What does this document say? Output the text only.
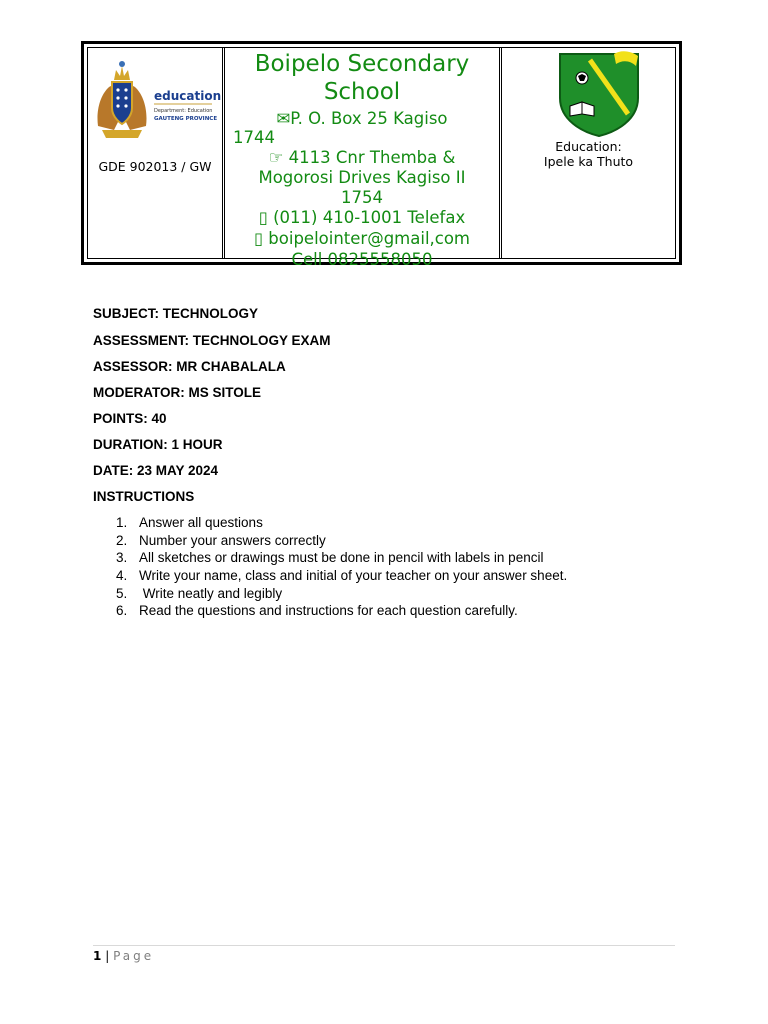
education
Department: Education
GAUTENG PROVINCE
GDE 902013 / GW
Boipelo Secondary
School
✉P. O. Box 25 Kagiso
1744
☞ 4113 Cnr Themba &
Mogorosi Drives Kagiso II
1754
▯ (011) 410-1001 Telefax
▯ boipelointer@gmail,com
Cell 0825558050
Education:
Ipele ka Thuto
SUBJECT: TECHNOLOGY
ASSESSMENT: TECHNOLOGY EXAM
ASSESSOR: MR CHABALALA
MODERATOR: MS SITOLE
POINTS: 40
DURATION: 1 HOUR
DATE: 23 MAY 2024
INSTRUCTIONS
1. Answer all questions
2. Number your answers correctly
3. All sketches or drawings must be done in pencil with labels in pencil
4. Write your name, class and initial of your teacher on your answer sheet.
5. Write neatly and legibly
6. Read the questions and instructions for each question carefully.
1 | Page
